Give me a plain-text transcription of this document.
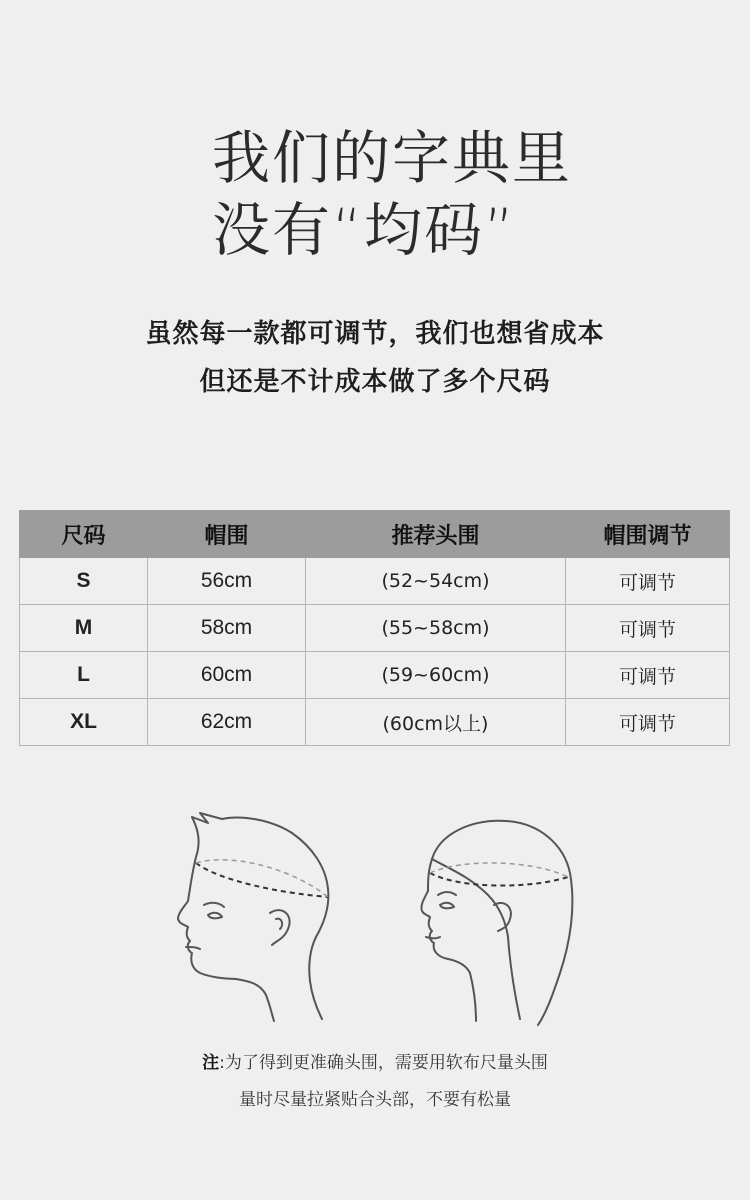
我们的字典里
没有“均码”
虽然每一款都可调节，我们也想省成本
但还是不计成本做了多个尺码
尺码	帽围	推荐头围	帽围调节
S	56cm	(52~54cm)	可调节
M	58cm	(55~58cm)	可调节
L	60cm	(59~60cm)	可调节
XL	62cm	(60cm以上)	可调节
注:为了得到更准确头围，需要用软布尺量头围
量时尽量拉紧贴合头部，不要有松量
